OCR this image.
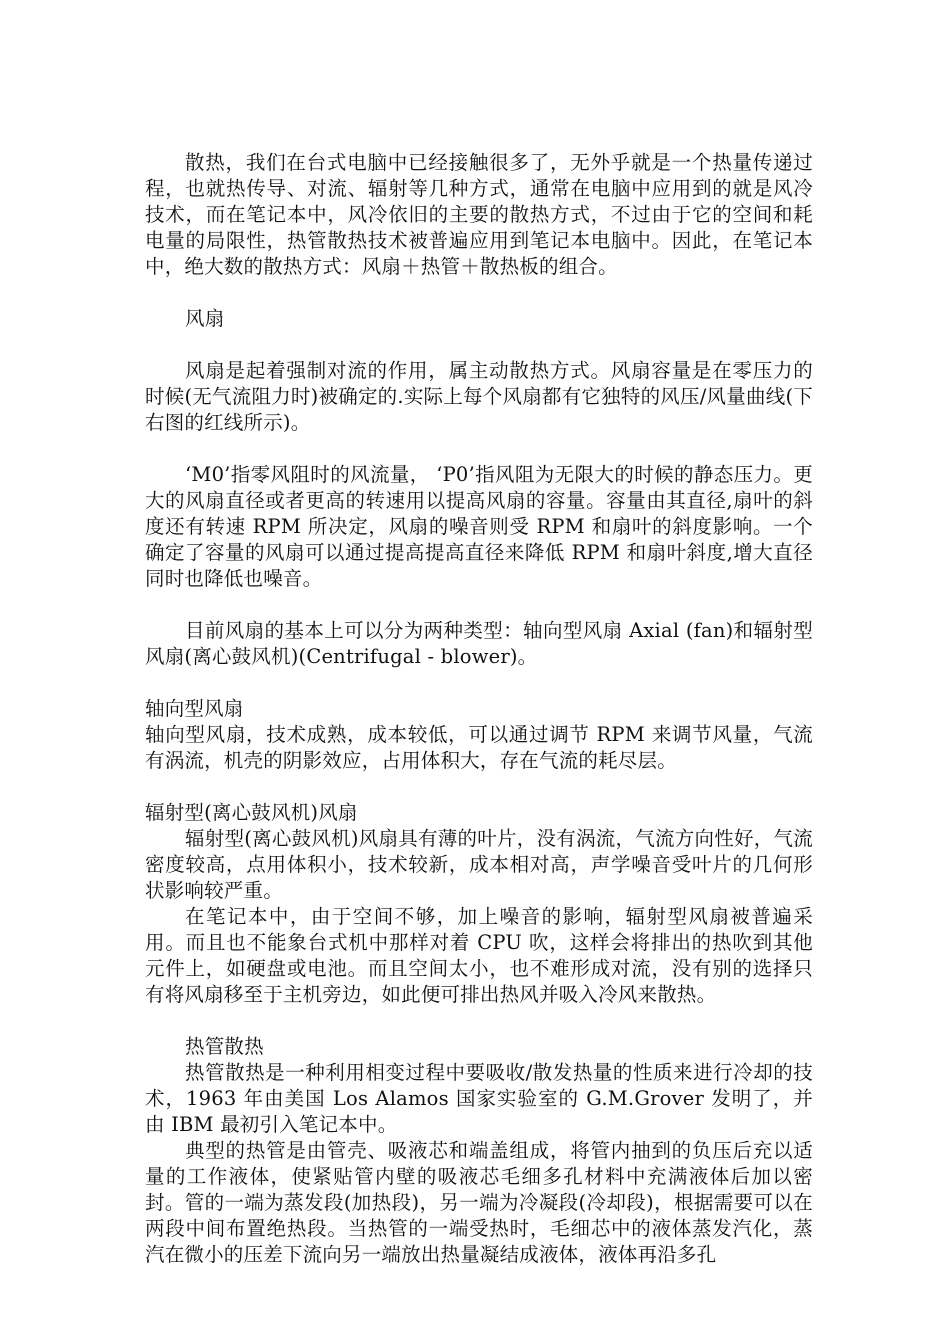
散热，我们在台式电脑中已经接触很多了，无外乎就是一个热量传递过程，也就热传导、对流、辐射等几种方式，通常在电脑中应用到的就是风冷技术，而在笔记本中，风冷依旧的主要的散热方式，不过由于它的空间和耗电量的局限性，热管散热技术被普遍应用到笔记本电脑中。因此，在笔记本中，绝大数的散热方式：风扇＋热管＋散热板的组合。

风扇

风扇是起着强制对流的作用，属主动散热方式。风扇容量是在零压力的时候(无气流阻力时)被确定的.实际上每个风扇都有它独特的风压/风量曲线(下右图的红线所示)。

‘M0’指零风阻时的风流量， ‘P0’指风阻为无限大的时候的静态压力。更大的风扇直径或者更高的转速用以提高风扇的容量。容量由其直径,扇叶的斜度还有转速 RPM 所决定，风扇的噪音则受 RPM 和扇叶的斜度影响。一个确定了容量的风扇可以通过提高提高直径来降低 RPM 和扇叶斜度,增大直径同时也降低也噪音。

目前风扇的基本上可以分为两种类型：轴向型风扇 Axial (fan)和辐射型风扇(离心鼓风机)(Centrifugal - blower)。

轴向型风扇

轴向型风扇，技术成熟，成本较低，可以通过调节 RPM 来调节风量，气流有涡流，机壳的阴影效应，占用体积大，存在气流的耗尽层。

辐射型(离心鼓风机)风扇

辐射型(离心鼓风机)风扇具有薄的叶片，没有涡流，气流方向性好，气流密度较高，点用体积小，技术较新，成本相对高，声学噪音受叶片的几何形状影响较严重。

在笔记本中，由于空间不够，加上噪音的影响，辐射型风扇被普遍采用。而且也不能象台式机中那样对着 CPU 吹，这样会将排出的热吹到其他元件上，如硬盘或电池。而且空间太小，也不难形成对流，没有别的选择只有将风扇移至于主机旁边，如此便可排出热风并吸入冷风来散热。

热管散热

热管散热是一种利用相变过程中要吸收/散发热量的性质来进行冷却的技术，1963 年由美国 Los Alamos 国家实验室的 G.M.Grover 发明了，并由 IBM 最初引入笔记本中。

典型的热管是由管壳、吸液芯和端盖组成，将管内抽到的负压后充以适量的工作液体，使紧贴管内壁的吸液芯毛细多孔材料中充满液体后加以密封。管的一端为蒸发段(加热段)，另一端为冷凝段(冷却段)，根据需要可以在两段中间布置绝热段。当热管的一端受热时，毛细芯中的液体蒸发汽化，蒸汽在微小的压差下流向另一端放出热量凝结成液体，液体再沿多孔
